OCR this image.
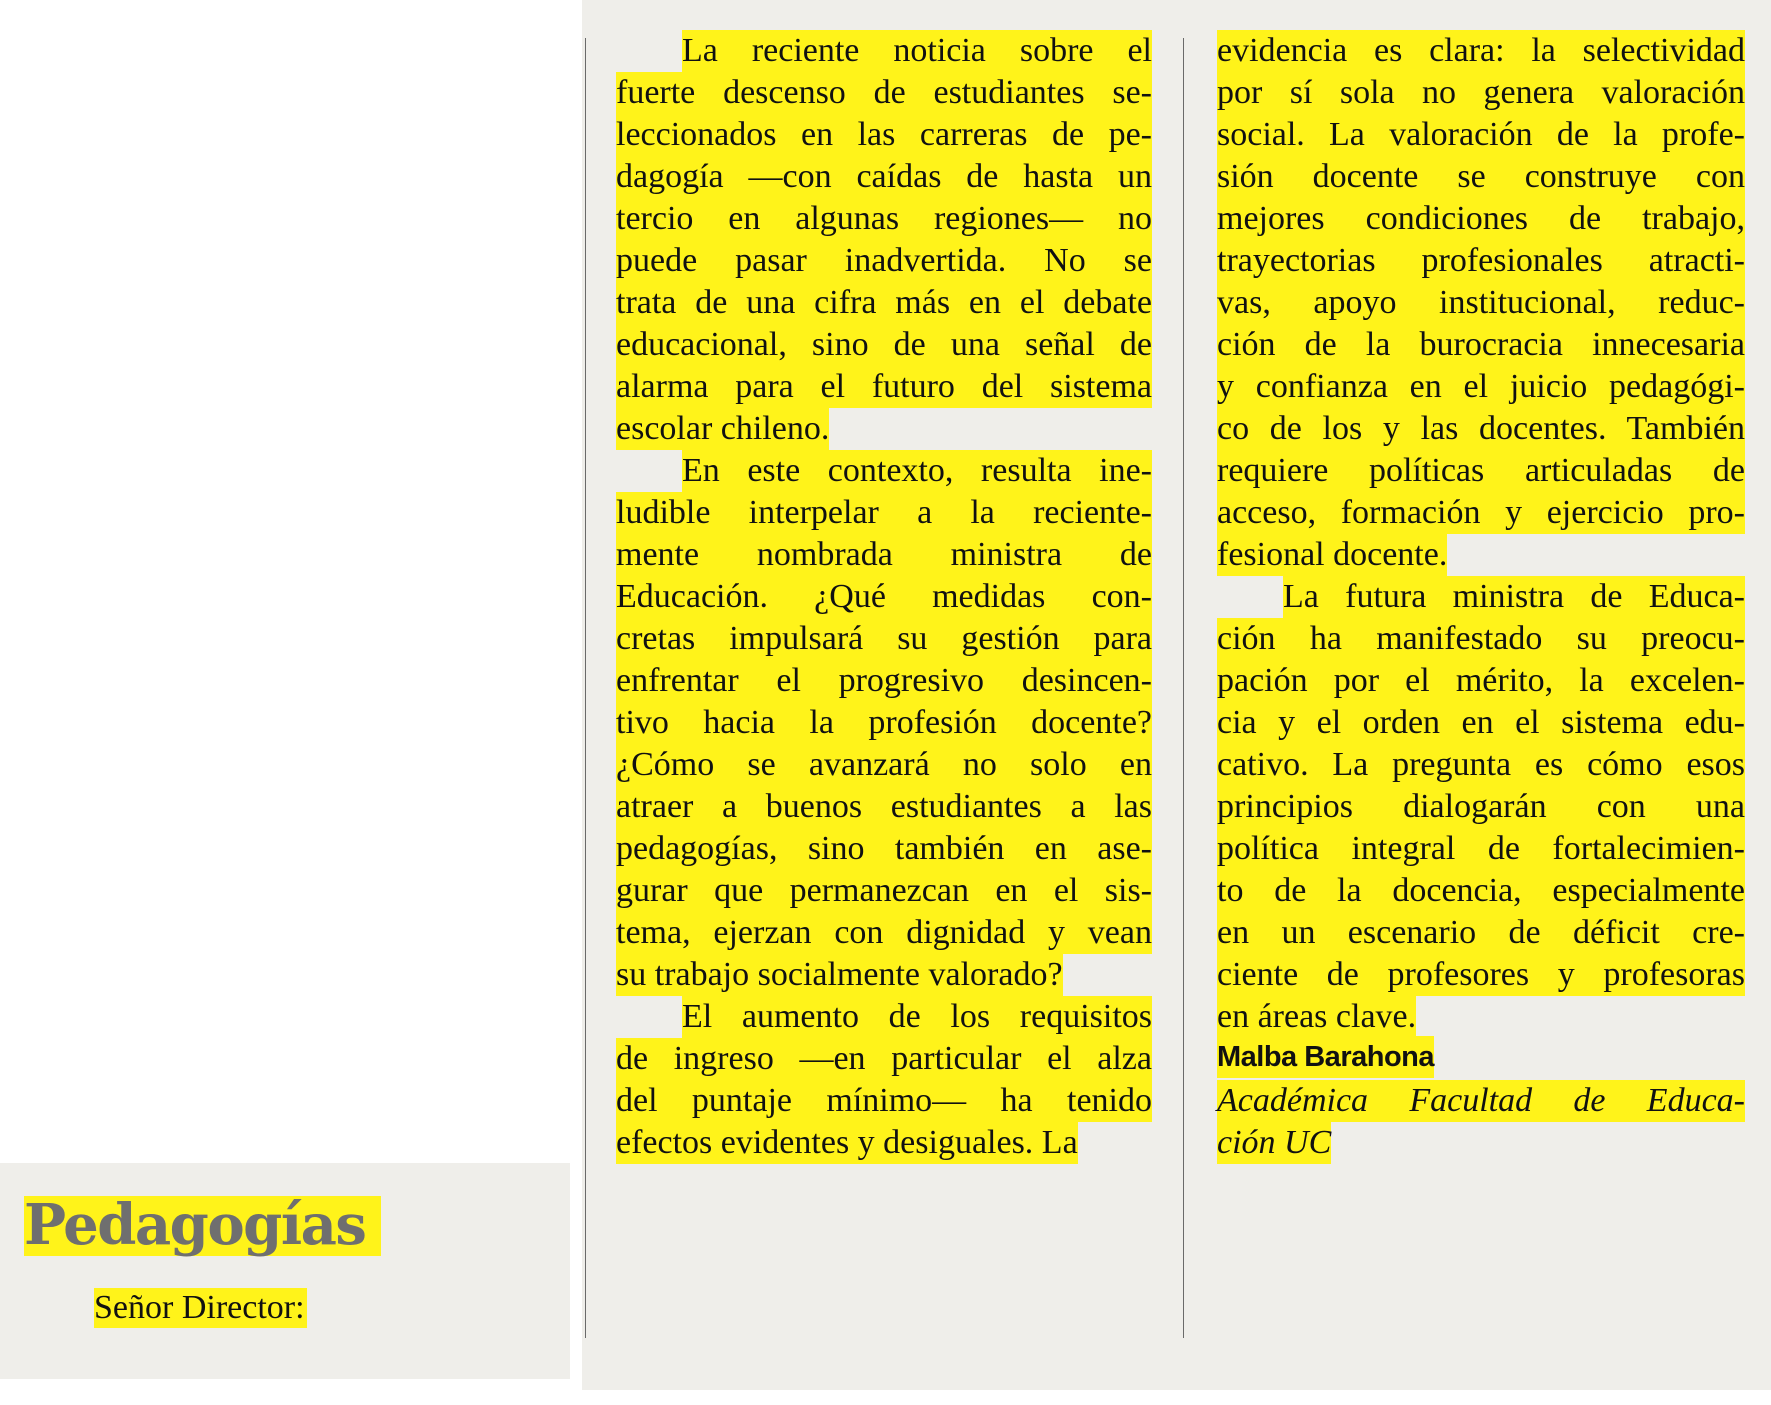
Pedagogías
Señor Director:
La reciente noticia sobre el
fuerte descenso de estudiantes se-
leccionados en las carreras de pe-
dagogía —con caídas de hasta un
tercio en algunas regiones— no
puede pasar inadvertida. No se
trata de una cifra más en el debate
educacional, sino de una señal de
alarma para el futuro del sistema
escolar chileno.
En este contexto, resulta ine-
ludible interpelar a la reciente-
mente nombrada ministra de
Educación. ¿Qué medidas con-
cretas impulsará su gestión para
enfrentar el progresivo desincen-
tivo hacia la profesión docente?
¿Cómo se avanzará no solo en
atraer a buenos estudiantes a las
pedagogías, sino también en ase-
gurar que permanezcan en el sis-
tema, ejerzan con dignidad y vean
su trabajo socialmente valorado?
El aumento de los requisitos
de ingreso —en particular el alza
del puntaje mínimo— ha tenido
efectos evidentes y desiguales. La
evidencia es clara: la selectividad
por sí sola no genera valoración
social. La valoración de la profe-
sión docente se construye con
mejores condiciones de trabajo,
trayectorias profesionales atracti-
vas, apoyo institucional, reduc-
ción de la burocracia innecesaria
y confianza en el juicio pedagógi-
co de los y las docentes. También
requiere políticas articuladas de
acceso, formación y ejercicio pro-
fesional docente.
La futura ministra de Educa-
ción ha manifestado su preocu-
pación por el mérito, la excelen-
cia y el orden en el sistema edu-
cativo. La pregunta es cómo esos
principios dialogarán con una
política integral de fortalecimien-
to de la docencia, especialmente
en un escenario de déficit cre-
ciente de profesores y profesoras
en áreas clave.
Malba Barahona
Académica Facultad de Educa-
ción UC
